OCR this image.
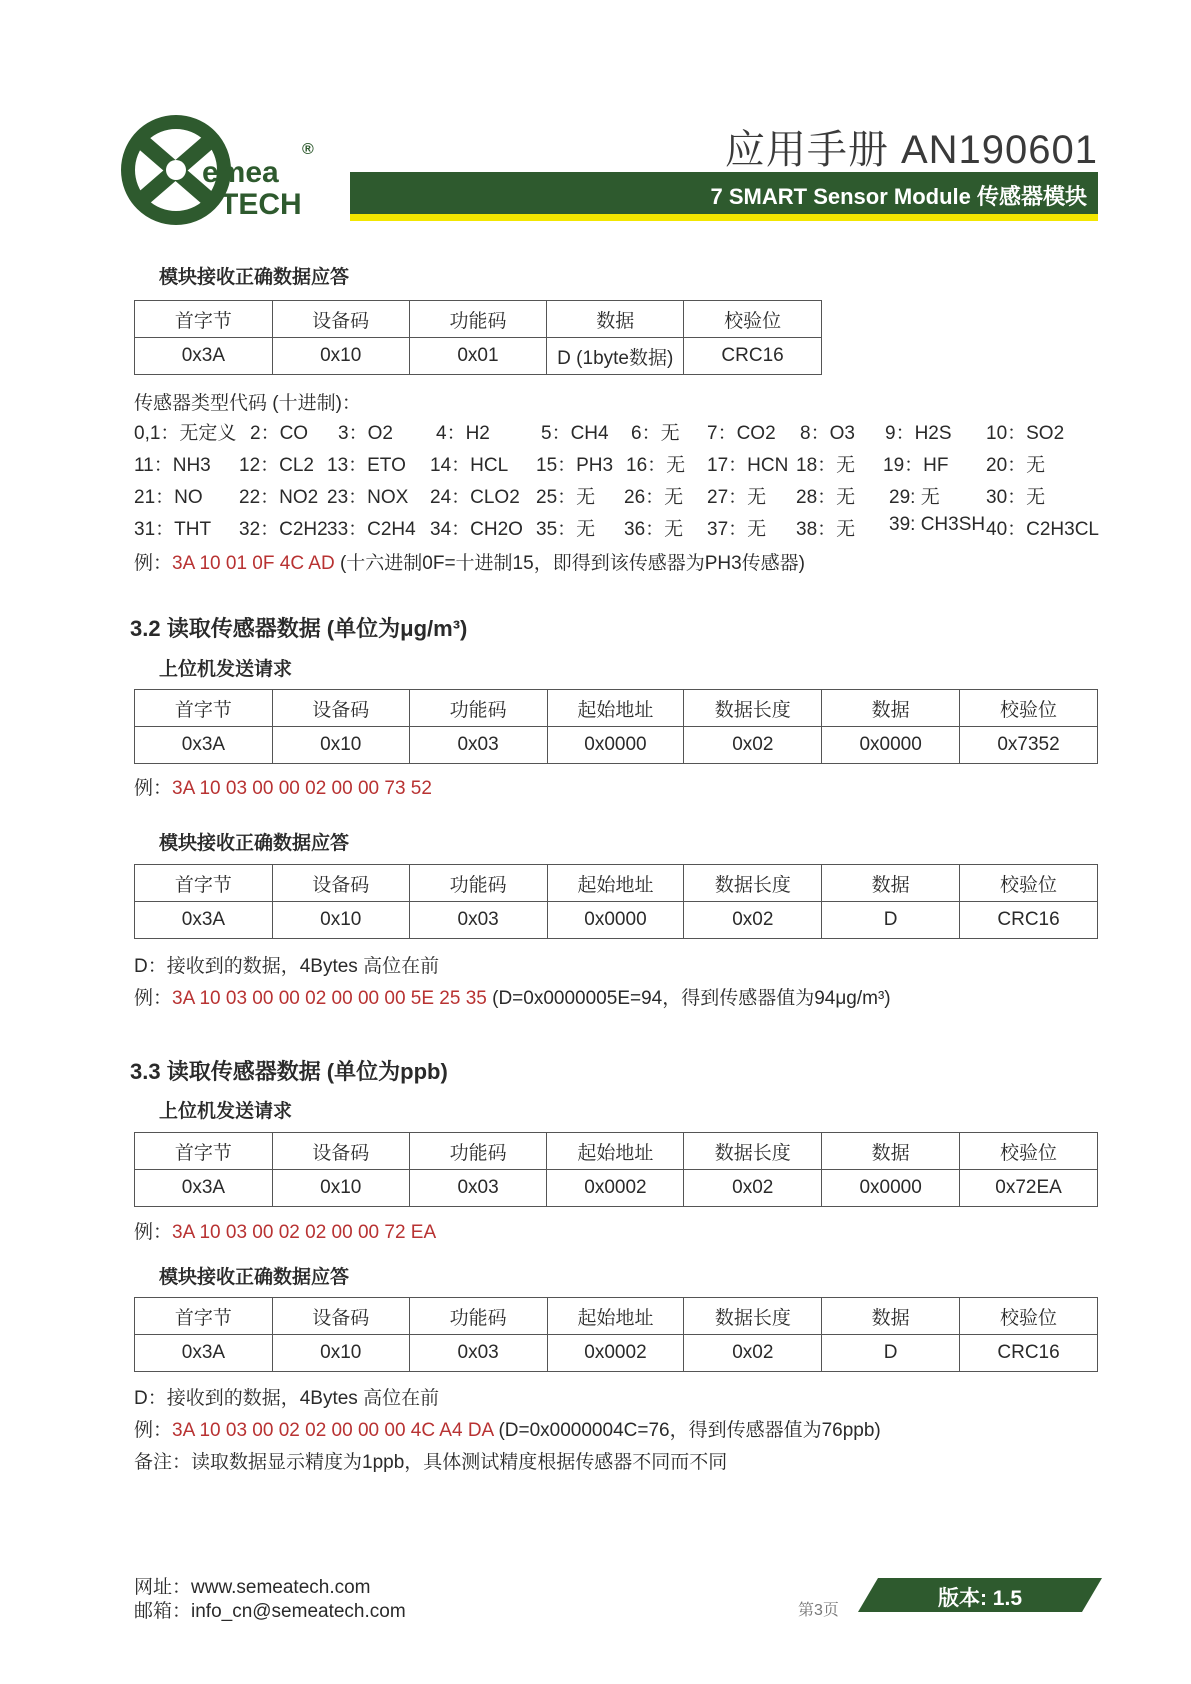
emea
TECH
®	应用手册 AN190601
7 SMART Sensor Module 传感器模块
模块接收正确数据应答
首字节	设备码	功能码	数据	校验位
0x3A	0x10	0x01	D (1byte数据)	CRC16
传感器类型代码 (十进制)：
0,1：无定义 2：CO 3：O2 4：H2	5：CH4 6：无 7：CO2 8：O3 9：H2S 10：SO2
11：NH3 12：CL2 13：ETO 14：HCL 15：PH3 16：无 17：HCN 18：无 19：HF 20：无
21：NO 22：NO2 23：NOX 24：CLO2 25：无 26：无 27：无 28：无 29: 无 30：无
31：THT 32：C2H2 33：C2H4 34：CH2O 35：无 36：无 37：无 38：无 39: CH3SH 40：C2H3CL
例：3A 10 01 0F 4C AD (十六进制0F=十进制15，即得到该传感器为PH3传感器)
3.2 读取传感器数据 (单位为μg/m³)
上位机发送请求
首字节	设备码	功能码	起始地址	数据长度	数据	校验位
0x3A	0x10	0x03	0x0000	0x02	0x0000	0x7352
例：3A 10 03 00 00 02 00 00 73 52
模块接收正确数据应答
首字节	设备码	功能码	起始地址	数据长度	数据	校验位
0x3A	0x10	0x03	0x0000	0x02	D	CRC16
D：接收到的数据，4Bytes 高位在前
例：3A 10 03 00 00 02 00 00 00 5E 25 35 (D=0x0000005E=94，得到传感器值为94μg/m³)
3.3 读取传感器数据 (单位为ppb)
上位机发送请求
首字节	设备码	功能码	起始地址	数据长度	数据	校验位
0x3A	0x10	0x03	0x0002	0x02	0x0000	0x72EA
例：3A 10 03 00 02 02 00 00 72 EA
模块接收正确数据应答
首字节	设备码	功能码	起始地址	数据长度	数据	校验位
0x3A	0x10	0x03	0x0002	0x02	D	CRC16
D：接收到的数据，4Bytes 高位在前
例：3A 10 03 00 02 02 00 00 00 4C A4 DA (D=0x0000004C=76，得到传感器值为76ppb)
备注：读取数据显示精度为1ppb，具体测试精度根据传感器不同而不同
网址：www.semeatech.com
邮箱：info_cn@semeatech.com	第3页
版本: 1.5
